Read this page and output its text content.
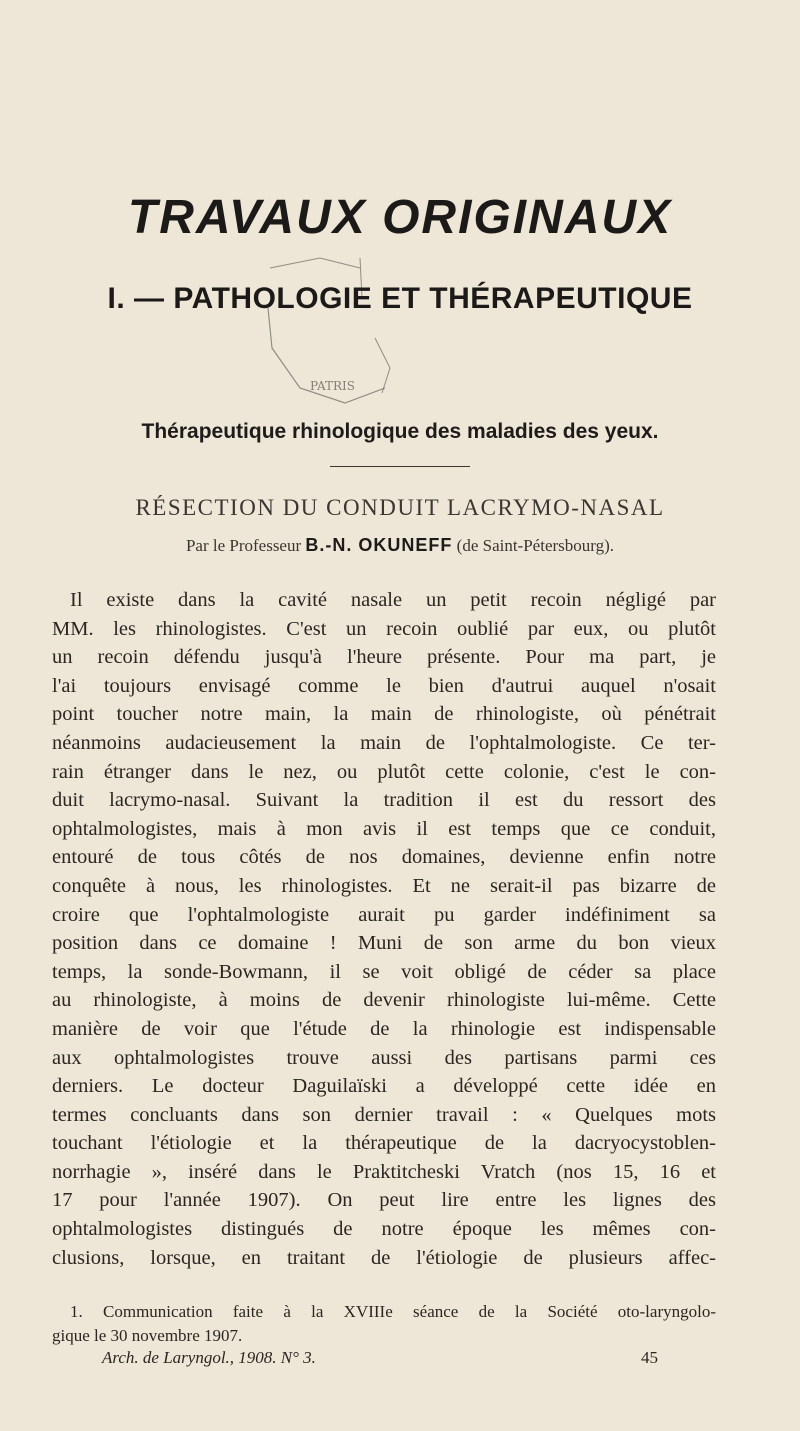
TRAVAUX ORIGINAUX
PATRIS
I. — PATHOLOGIE ET THÉRAPEUTIQUE
Thérapeutique rhinologique des maladies des yeux.
RÉSECTION DU CONDUIT LACRYMO-NASAL
Par le Professeur B.-N. OKUNEFF (de Saint-Pétersbourg).
Il existe dans la cavité nasale un petit recoin négligé par
MM. les rhinologistes. C'est un recoin oublié par eux, ou plutôt
un recoin défendu jusqu'à l'heure présente. Pour ma part, je
l'ai toujours envisagé comme le bien d'autrui auquel n'osait
point toucher notre main, la main de rhinologiste, où pénétrait
néanmoins audacieusement la main de l'ophtalmologiste. Ce ter-
rain étranger dans le nez, ou plutôt cette colonie, c'est le con-
duit lacrymo-nasal. Suivant la tradition il est du ressort des
ophtalmologistes, mais à mon avis il est temps que ce conduit,
entouré de tous côtés de nos domaines, devienne enfin notre
conquête à nous, les rhinologistes. Et ne serait-il pas bizarre de
croire que l'ophtalmologiste aurait pu garder indéfiniment sa
position dans ce domaine ! Muni de son arme du bon vieux
temps, la sonde-Bowmann, il se voit obligé de céder sa place
au rhinologiste, à moins de devenir rhinologiste lui-même. Cette
manière de voir que l'étude de la rhinologie est indispensable
aux ophtalmologistes trouve aussi des partisans parmi ces
derniers. Le docteur Daguilaïski a développé cette idée en
termes concluants dans son dernier travail : « Quelques mots
touchant l'étiologie et la thérapeutique de la dacryocystoblen-
norrhagie », inséré dans le Praktitcheski Vratch (nos 15, 16 et
17 pour l'année 1907). On peut lire entre les lignes des
ophtalmologistes distingués de notre époque les mêmes con-
clusions, lorsque, en traitant de l'étiologie de plusieurs affec-
1. Communication faite à la XVIIIe séance de la Société oto-laryngolo-
gique le 30 novembre 1907.
Arch. de Laryngol., 1908. N° 3.	45
